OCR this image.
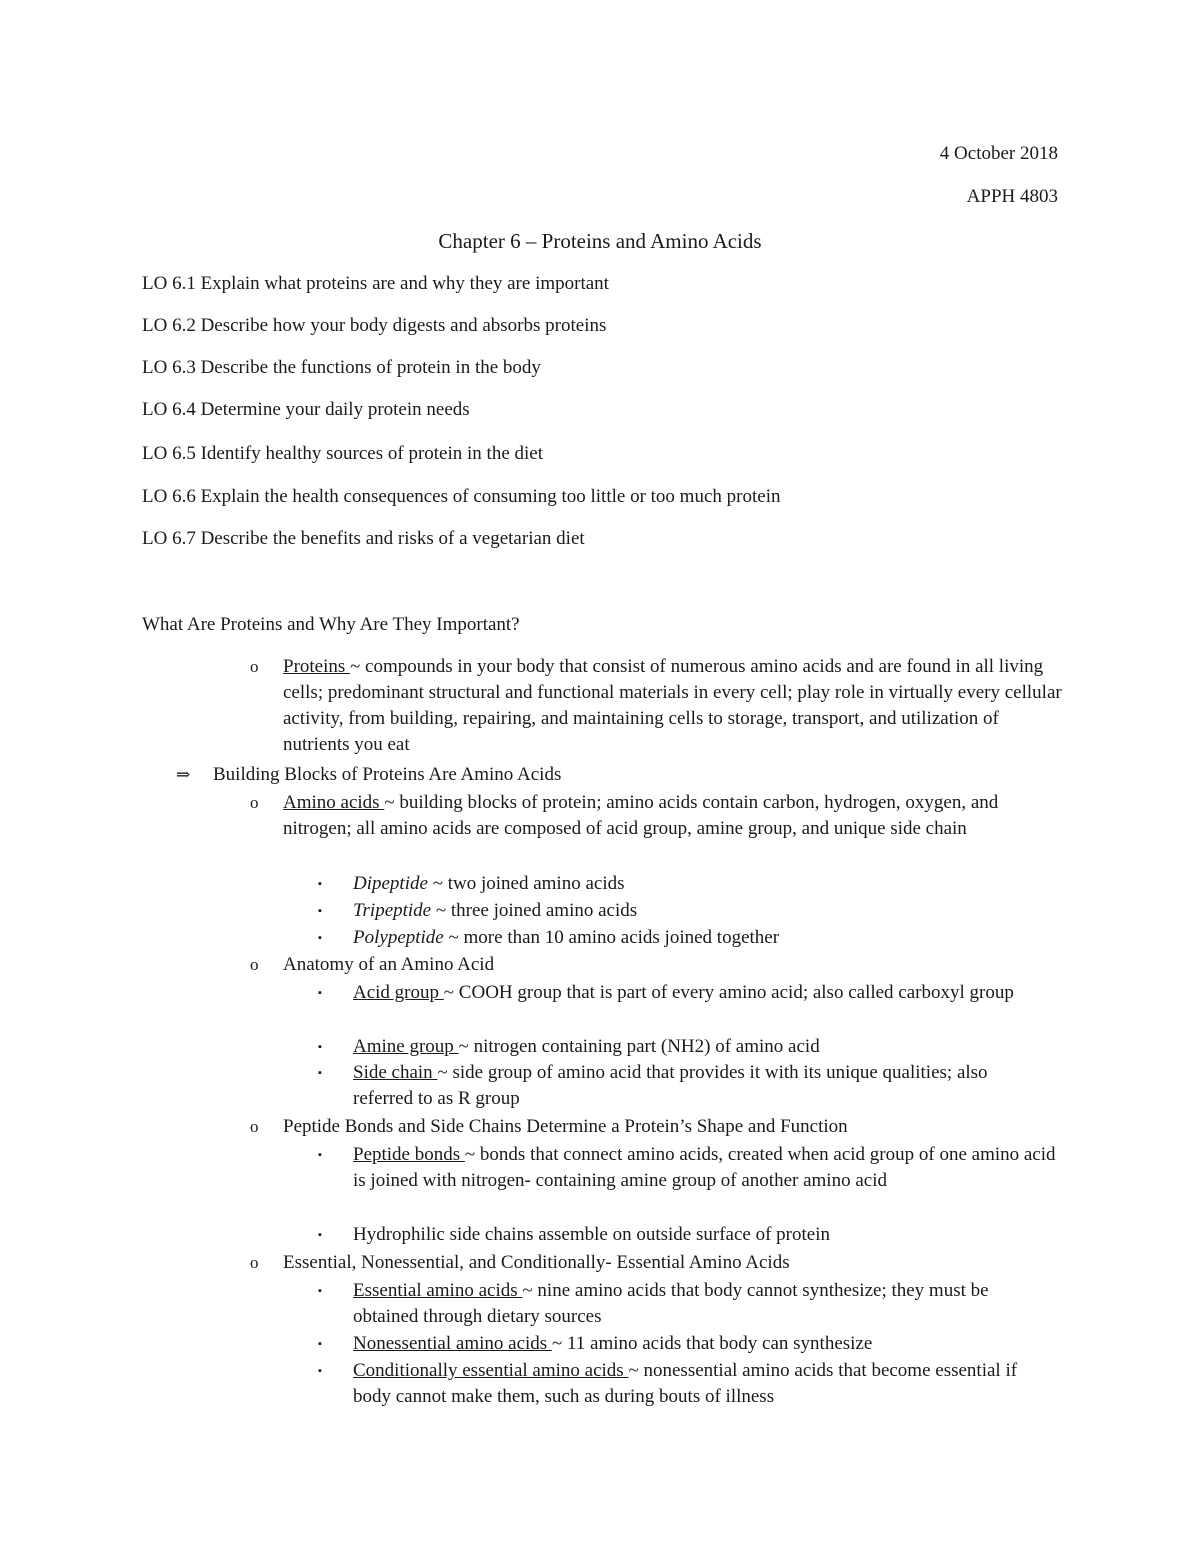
4 October 2018
APPH 4803
Chapter 6 – Proteins and Amino Acids
LO 6.1 Explain what proteins are and why they are important
LO 6.2 Describe how your body digests and absorbs proteins
LO 6.3 Describe the functions of protein in the body
LO 6.4 Determine your daily protein needs
LO 6.5 Identify healthy sources of protein in the diet
LO 6.6 Explain the health consequences of consuming too little or too much protein
LO 6.7 Describe the benefits and risks of a vegetarian diet
What Are Proteins and Why Are They Important?
o Proteins ~ compounds in your body that consist of numerous amino acids and are found in all living cells; predominant structural and functional materials in every cell; play role in virtually every cellular activity, from building, repairing, and maintaining cells to storage, transport, and utilization of nutrients you eat
⇒ Building Blocks of Proteins Are Amino Acids
o Amino acids ~ building blocks of protein; amino acids contain carbon, hydrogen, oxygen, and nitrogen; all amino acids are composed of acid group, amine group, and unique side chain
▪ Dipeptide ~ two joined amino acids
▪ Tripeptide ~ three joined amino acids
▪ Polypeptide ~ more than 10 amino acids joined together
o Anatomy of an Amino Acid
▪ Acid group ~ COOH group that is part of every amino acid; also called carboxyl group
▪ Amine group ~ nitrogen containing part (NH2) of amino acid
▪ Side chain ~ side group of amino acid that provides it with its unique qualities; also referred to as R group
o Peptide Bonds and Side Chains Determine a Protein’s Shape and Function
▪ Peptide bonds ~ bonds that connect amino acids, created when acid group of one amino acid is joined with nitrogen- containing amine group of another amino acid
▪ Hydrophilic side chains assemble on outside surface of protein
o Essential, Nonessential, and Conditionally- Essential Amino Acids
▪ Essential amino acids ~ nine amino acids that body cannot synthesize; they must be obtained through dietary sources
▪ Nonessential amino acids ~ 11 amino acids that body can synthesize
▪ Conditionally essential amino acids ~ nonessential amino acids that become essential if body cannot make them, such as during bouts of illness
